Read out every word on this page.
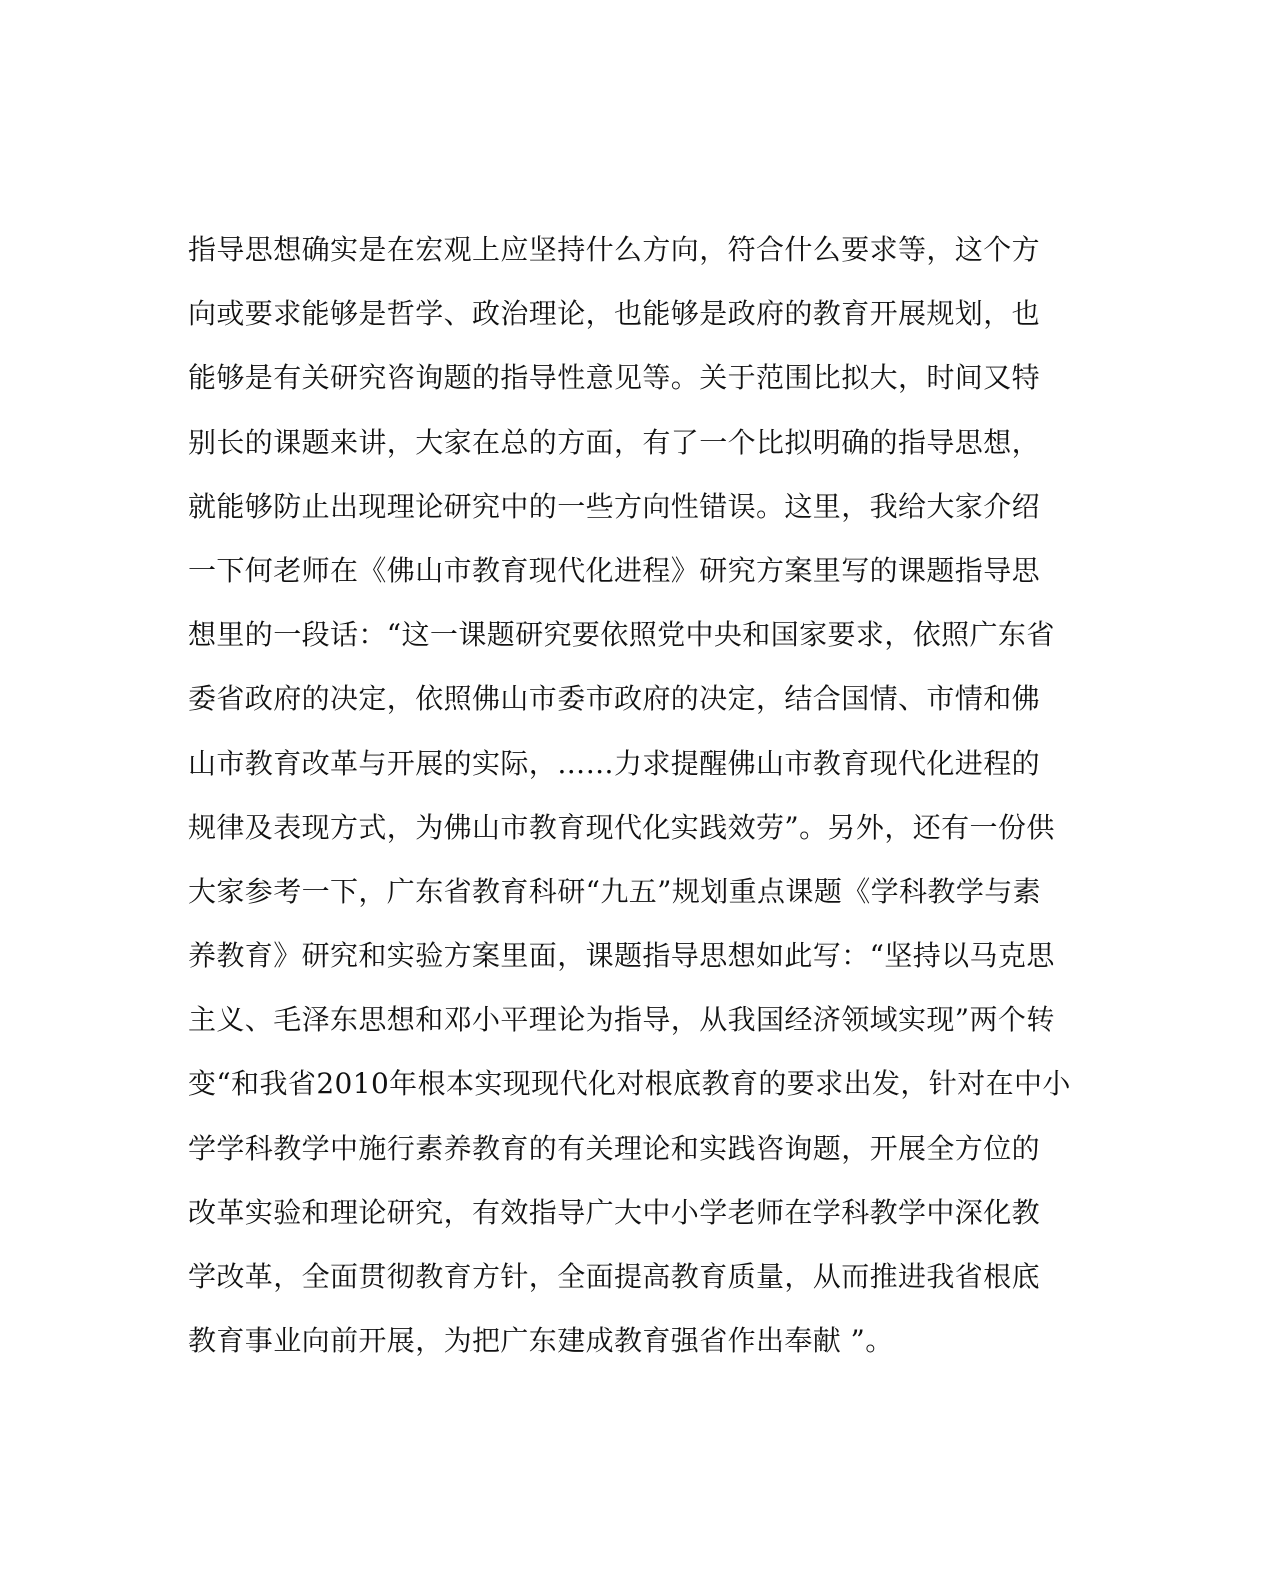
指导思想确实是在宏观上应坚持什么方向，符合什么要求等，这个方
向或要求能够是哲学、政治理论，也能够是政府的教育开展规划，也
能够是有关研究咨询题的指导性意见等。关于范围比拟大，时间又特
别长的课题来讲，大家在总的方面，有了一个比拟明确的指导思想，
就能够防止出现理论研究中的一些方向性错误。这里，我给大家介绍
一下何老师在《佛山市教育现代化进程》研究方案里写的课题指导思
想里的一段话：“这一课题研究要依照党中央和国家要求，依照广东省
委省政府的决定，依照佛山市委市政府的决定，结合国情、市情和佛
山市教育改革与开展的实际，……力求提醒佛山市教育现代化进程的
规律及表现方式，为佛山市教育现代化实践效劳”。另外，还有一份供
大家参考一下，广东省教育科研“九五”规划重点课题《学科教学与素
养教育》研究和实验方案里面，课题指导思想如此写：“坚持以马克思
主义、毛泽东思想和邓小平理论为指导，从我国经济领域实现”两个转
变“和我省2010年根本实现现代化对根底教育的要求出发，针对在中小
学学科教学中施行素养教育的有关理论和实践咨询题，开展全方位的
改革实验和理论研究，有效指导广大中小学老师在学科教学中深化教
学改革，全面贯彻教育方针，全面提高教育质量，从而推进我省根底
教育事业向前开展，为把广东建成教育强省作出奉献 ”。
